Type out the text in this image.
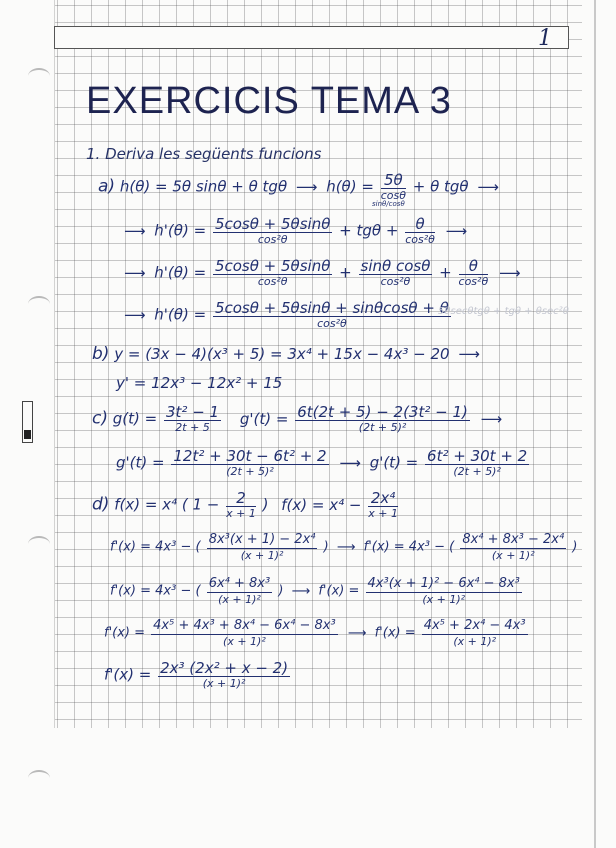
1
EXERCICIS TEMA 3
1. Deriva les següents funcions
a) h(θ) = 5θ sinθ + θ tgθ ⟶ $h(\theta) = \frac{5\theta}{\cos\theta} + \theta$ tgθ ⟶
⟶ $h'(\theta) = \frac{5\cos\theta + 5\theta\sin\theta}{\text{cos²θ}} + tg\theta + \frac{\theta}{\text{cos²θ}}$ ⟶
sinθ/cosθ
⟶ $h'(\theta) = \frac{5\cos\theta + 5\theta\sin\theta}{\text{cos²θ}} + \frac{\text{sinθ cosθ}}{\text{cos²θ}} + \frac{\theta}{\text{cos²θ}}$ ⟶
⟶ $h'(\theta) = \frac{5\cos\theta + 5\theta\sin\theta + \sin\theta\cos\theta + \theta}{\text{cos²θ}}$
5θsecθtgθ + tgθ + θsec²θ
b) y = (3x − 4)(x³ + 5) = 3x⁴ + 15x − 4x³ − 20 ⟶
y' = 12x³ − 12x² + 15
c) $g(t) = \frac{\text{3t² − 1}}{2t + 5} g'(t) = \frac{\text{6t(2t + 5) − 2(3t² − 1)}}{\text{(2t + 5)²}}$ ⟶
$g'(t) = \frac{\text{12t² + 30t − 6t² + 2}}{\text{(2t + 5)²}}$ ⟶ $g'(t) = \frac{\text{6t² + 30t + 2}}{\text{(2t + 5)²}}$
d) f(x) = x⁴ ( $1 - \frac{2}{x + 1}$ ) $f(x) = x^4 - \frac{\text{2x⁴}}{x + 1}$
f'(x) = 4x³ − ( $\frac{\text{8x³(x + 1) − 2x⁴}}{\text{(x + 1)²}}$ ) ⟶ f'(x) = 4x³ − ( $\frac{\text{8x⁴ + 8x³ − 2x⁴}}{\text{(x + 1)²}}$ )
f'(x) = 4x³ − ( $\frac{\text{6x⁴ + 8x³}}{\text{(x + 1)²}}$ ) ⟶ $f'(x) = \frac{\text{4x³(x + 1)² − 6x⁴ − 8x³}}{\text{(x + 1)²}}$
$f'(x) = \frac{\text{4x⁵ + 4x³ + 8x⁴ − 6x⁴ − 8x³}}{\text{(x + 1)²}}$ ⟶ $f'(x) = \frac{\text{4x⁵ + 2x⁴ − 4x³}}{\text{(x + 1)²}}$
$f'(x) = \frac{\text{2x³ (2x² + x − 2)}}{\text{(x + 1)²}}$
